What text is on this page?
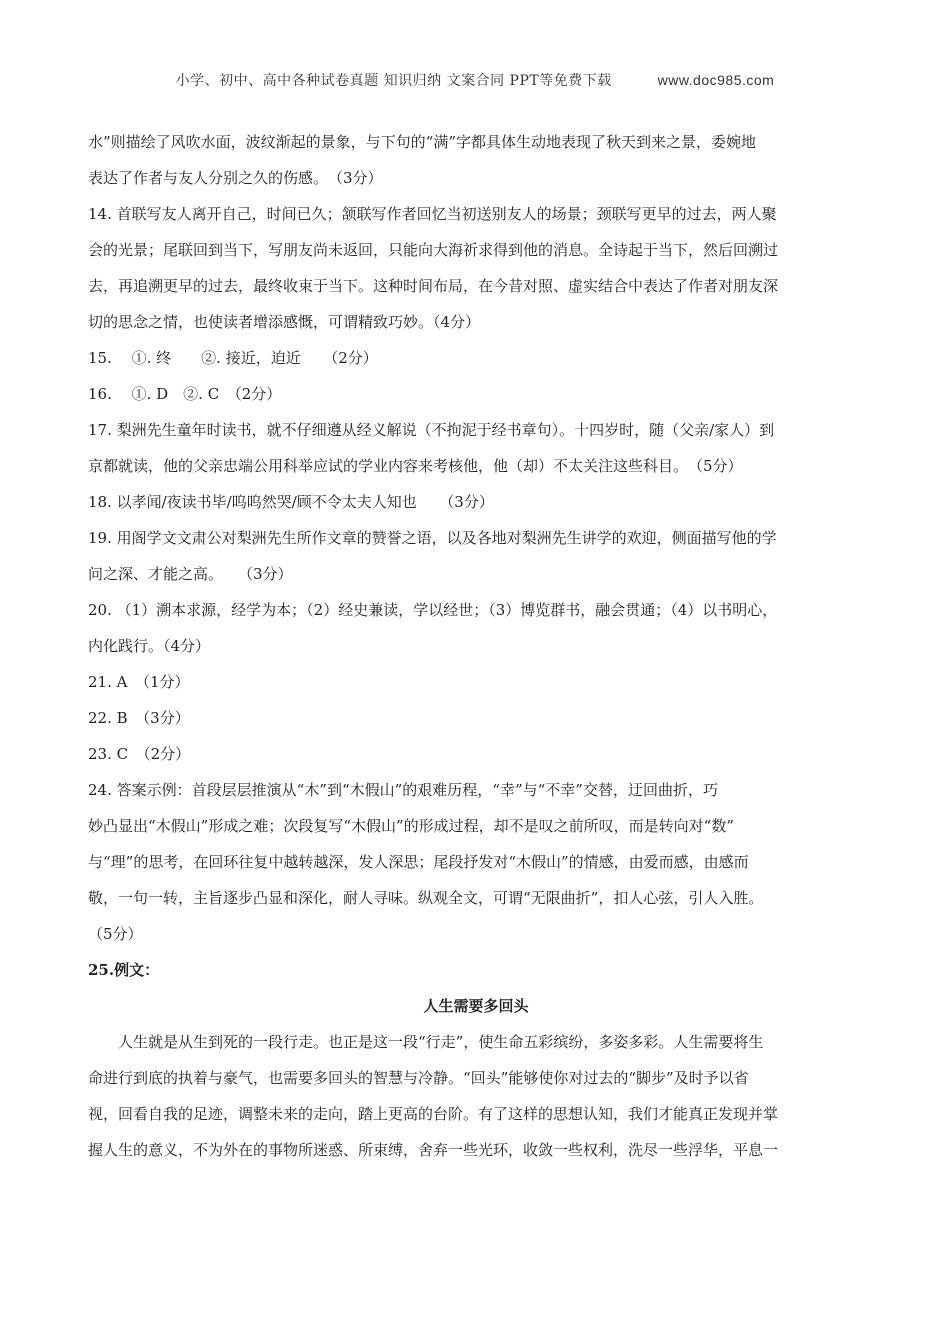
小学、初中、高中各种试卷真题 知识归纳 文案合同 PPT等免费下载	www.doc985.com
水”则描绘了风吹水面，波纹渐起的景象，与下句的“满”字都具体生动地表现了秋天到来之景，委婉地
表达了作者与友人分别之久的伤感。　（3分）
14. 首联写友人离开自己，时间已久；颔联写作者回忆当初送别友人的场景；颈联写更早的过去，两人聚
会的光景；尾联回到当下，写朋友尚未返回，只能向大海祈求得到他的消息。全诗起于当下，然后回溯过
去，再追溯更早的过去，最终收束于当下。这种时间布局，在今昔对照、虚实结合中表达了作者对朋友深
切的思念之情，也使读者增添感慨，可谓精致巧妙。（4分）
15.　 ①. 终　　②. 接近，迫近　　（2分）
16.　 ①. D　②. C　（2分）
17. 梨洲先生童年时读书，就不仔细遵从经义解说（不拘泥于经书章句）。十四岁时，随（父亲/家人）到
京都就读，他的父亲忠端公用科举应试的学业内容来考核他，他（却）不太关注这些科目。　（5分）
18. 以孝闻/夜读书毕/呜呜然哭/顾不令太夫人知也　　（3分）
19. 用阁学文文肃公对梨洲先生所作文章的赞誉之语，以及各地对梨洲先生讲学的欢迎，侧面描写他的学
问之深、才能之高。　　（3分）
20. （1）溯本求源，经学为本；（2）经史兼读，学以经世；（3）博览群书，融会贯通；（4）以书明心，
内化践行。（4分）
21. A　（1分）
22. B　（3分）
23. C　（2分）
24. 答案示例：首段层层推演从“木”到“木假山”的艰难历程，“幸”与“不幸”交替，迂回曲折，巧
妙凸显出“木假山”形成之难；次段复写“木假山”的形成过程，却不是叹之前所叹，而是转向对“数”
与“理”的思考，在回环往复中越转越深，发人深思；尾段抒发对“木假山”的情感，由爱而感，由感而
敬，一句一转，主旨逐步凸显和深化，耐人寻味。纵观全文，可谓“无限曲折”，扣人心弦，引人入胜。
（5分）
25.例文：
人生需要多回头
人生就是从生到死的一段行走。也正是这一段“行走”，使生命五彩缤纷，多姿多彩。人生需要将生
命进行到底的执着与豪气，也需要多回头的智慧与冷静。“回头”能够使你对过去的“脚步”及时予以省
视，回看自我的足迹，调整未来的走向，踏上更高的台阶。有了这样的思想认知，我们才能真正发现并掌
握人生的意义，不为外在的事物所迷惑、所束缚，舍弃一些光环，收敛一些权利，洗尽一些浮华，平息一
